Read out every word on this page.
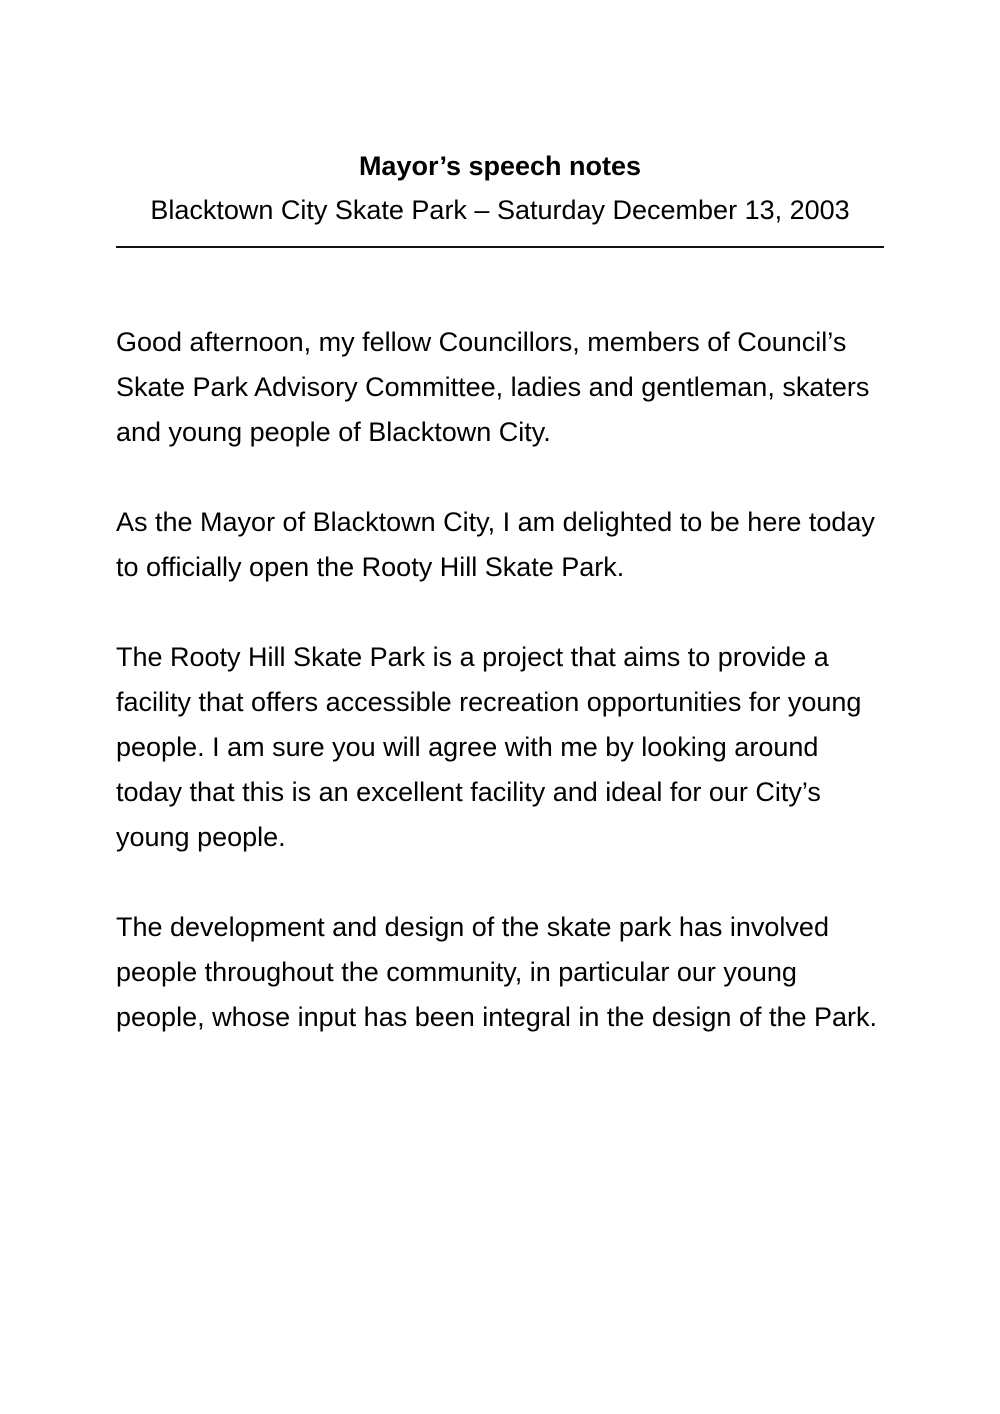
Mayor’s speech notes
Blacktown City Skate Park – Saturday December 13, 2003

Good afternoon, my fellow Councillors, members of Council’s Skate Park Advisory Committee, ladies and gentleman, skaters and young people of Blacktown City.

As the Mayor of Blacktown City, I am delighted to be here today to officially open the Rooty Hill Skate Park.

The Rooty Hill Skate Park is a project that aims to provide a facility that offers accessible recreation opportunities for young people. I am sure you will agree with me by looking around today that this is an excellent facility and ideal for our City’s young people.

The development and design of the skate park has involved people throughout the community, in particular our young people, whose input has been integral in the design of the Park.
